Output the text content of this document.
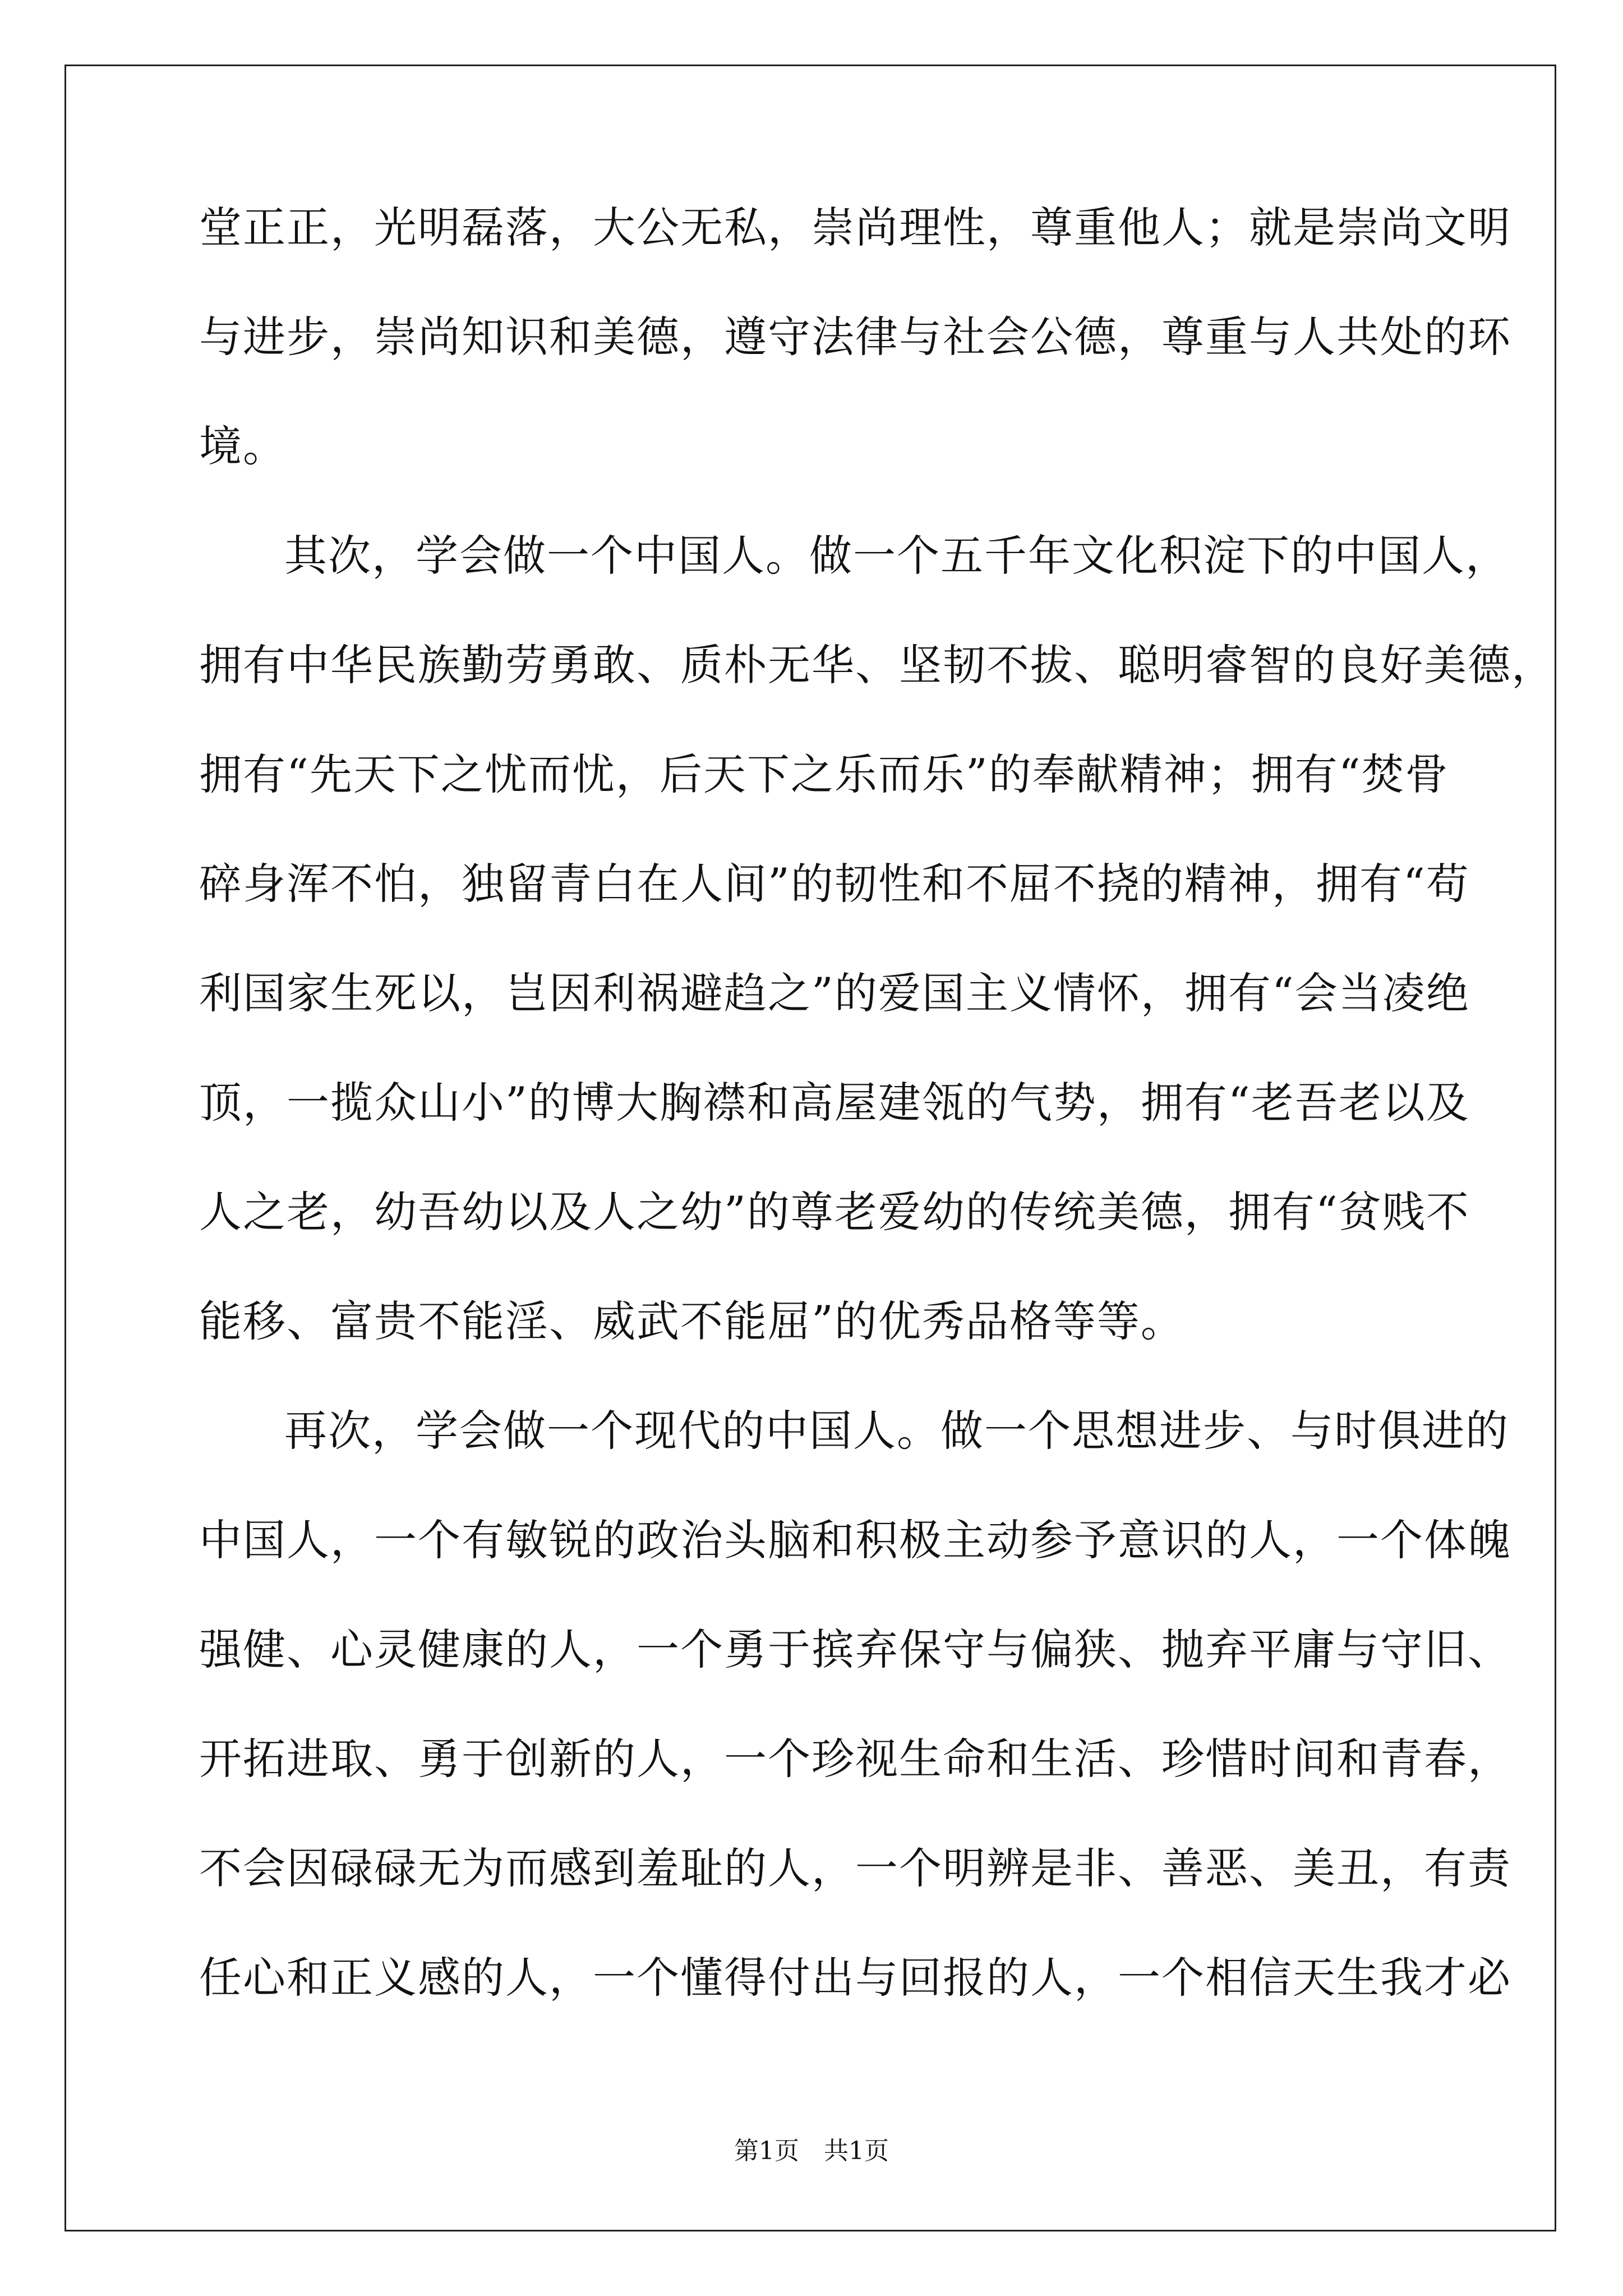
堂正正，光明磊落，大公无私，崇尚理性，尊重他人；就是崇尚文明
与进步，崇尚知识和美德，遵守法律与社会公德，尊重与人共处的环
境。
其次，学会做一个中国人。做一个五千年文化积淀下的中国人，
拥有中华民族勤劳勇敢、质朴无华、坚韧不拔、聪明睿智的良好美德，
拥有“先天下之忧而忧，后天下之乐而乐”的奉献精神；拥有“焚骨
碎身浑不怕，独留青白在人间”的韧性和不屈不挠的精神，拥有“苟
利国家生死以，岂因利祸避趋之”的爱国主义情怀，拥有“会当凌绝
顶，一揽众山小”的博大胸襟和高屋建瓴的气势，拥有“老吾老以及
人之老，幼吾幼以及人之幼”的尊老爱幼的传统美德，拥有“贫贱不
能移、富贵不能淫、威武不能屈”的优秀品格等等。
再次，学会做一个现代的中国人。做一个思想进步、与时俱进的
中国人，一个有敏锐的政治头脑和积极主动参予意识的人，一个体魄
强健、心灵健康的人，一个勇于摈弃保守与偏狭、抛弃平庸与守旧、
开拓进取、勇于创新的人，一个珍视生命和生活、珍惜时间和青春，
不会因碌碌无为而感到羞耻的人，一个明辨是非、善恶、美丑，有责
任心和正义感的人，一个懂得付出与回报的人，一个相信天生我才必
第1页　共1页
